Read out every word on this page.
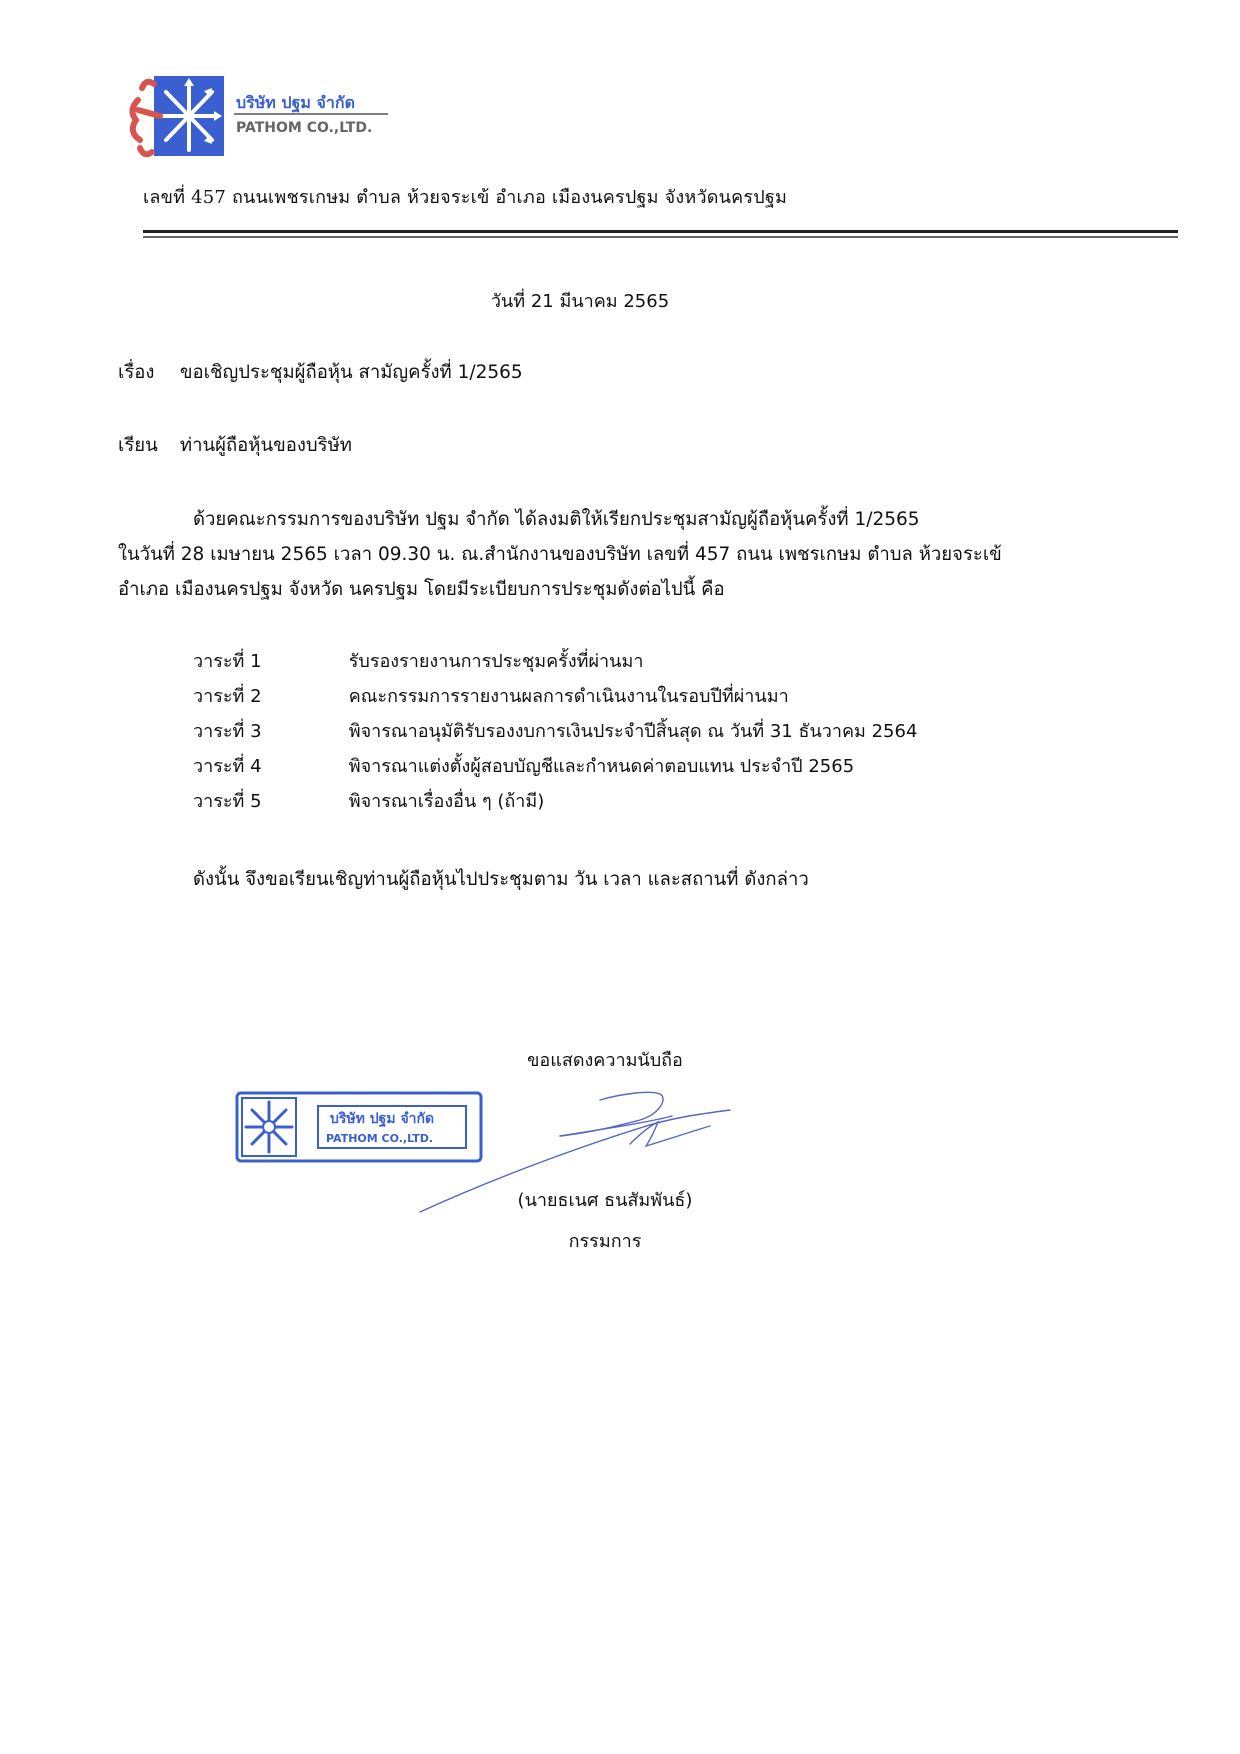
บริษัท ปฐม จำกัด
PATHOM CO.,LTD.
เลขที่ 457 ถนนเพชรเกษม ตำบล ห้วยจระเข้ อำเภอ เมืองนครปฐม จังหวัดนครปฐม
วันที่ 21 มีนาคม 2565
เรื่อง ขอเชิญประชุมผู้ถือหุ้น สามัญครั้งที่ 1/2565
เรียน ท่านผู้ถือหุ้นของบริษัท
ด้วยคณะกรรมการของบริษัท ปฐม จำกัด ได้ลงมติให้เรียกประชุมสามัญผู้ถือหุ้นครั้งที่ 1/2565
ในวันที่ 28 เมษายน 2565 เวลา 09.30 น. ณ.สำนักงานของบริษัท เลขที่ 457 ถนน เพชรเกษม ตำบล ห้วยจระเข้
อำเภอ เมืองนครปฐม จังหวัด นครปฐม โดยมีระเบียบการประชุมดังต่อไปนี้ คือ
วาระที่ 1	รับรองรายงานการประชุมครั้งที่ผ่านมา
วาระที่ 2	คณะกรรมการรายงานผลการดำเนินงานในรอบปีที่ผ่านมา
วาระที่ 3	พิจารณาอนุมัติรับรองงบการเงินประจำปีสิ้นสุด ณ วันที่ 31 ธันวาคม 2564
วาระที่ 4	พิจารณาแต่งตั้งผู้สอบบัญชีและกำหนดค่าตอบแทน ประจำปี 2565
วาระที่ 5	พิจารณาเรื่องอื่น ๆ (ถ้ามี)
ดังนั้น จึงขอเรียนเชิญท่านผู้ถือหุ้นไปประชุมตาม วัน เวลา และสถานที่ ดังกล่าว
ขอแสดงความนับถือ
บริษัท ปฐม จำกัด
PATHOM CO.,LTD.
(นายธเนศ ธนสัมพันธ์)
กรรมการ
